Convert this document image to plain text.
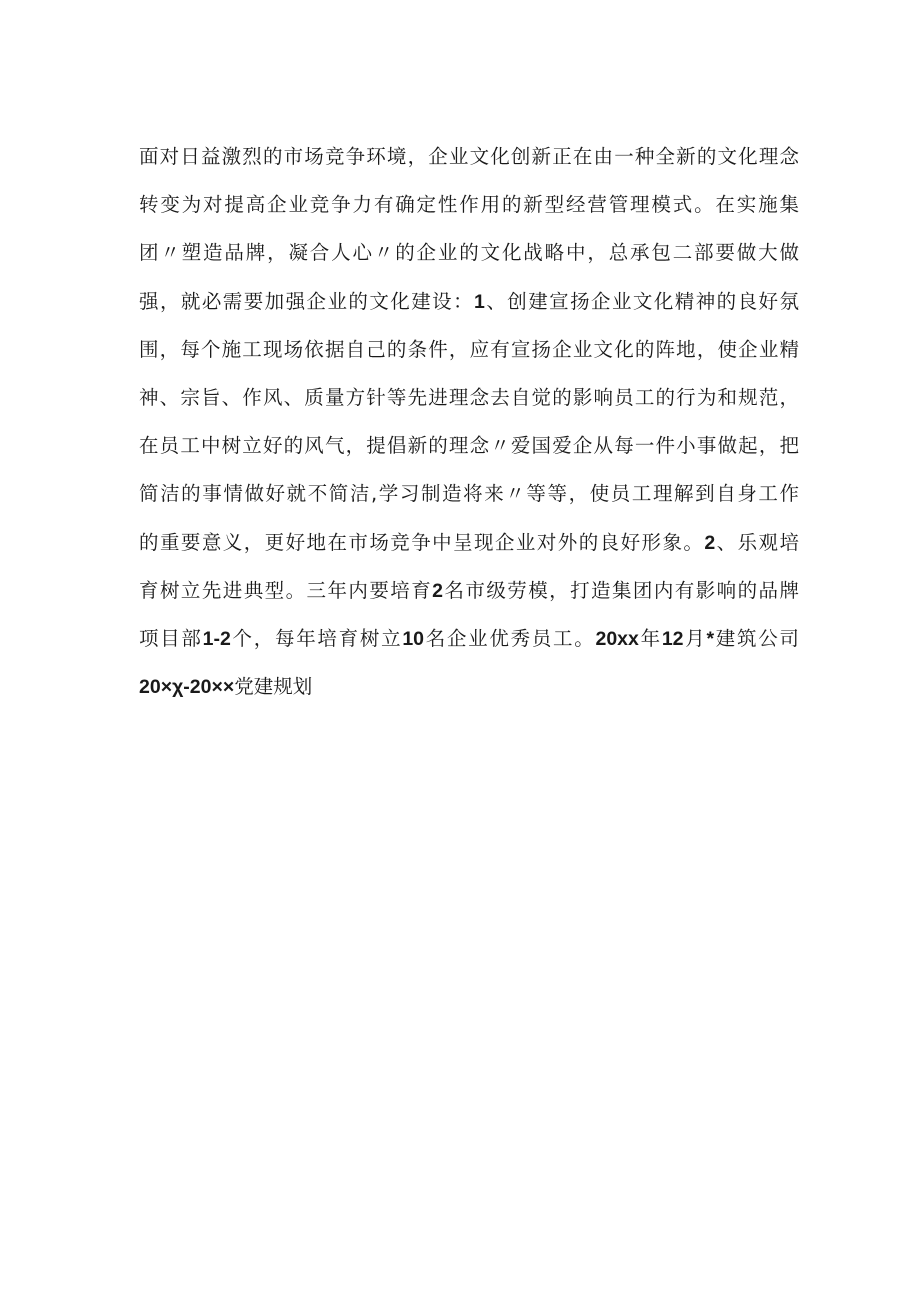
面对日益激烈的市场竞争环境，企业文化创新正在由一种全新的文化理念
转变为对提高企业竞争力有确定性作用的新型经营管理模式。在实施集
团〃塑造品牌，凝合人心〃的企业的文化战略中，总承包二部要做大做
强，就必需要加强企业的文化建设：1、创建宣扬企业文化精神的良好氛
围，每个施工现场依据自己的条件，应有宣扬企业文化的阵地，使企业精
神、宗旨、作风、质量方针等先进理念去自觉的影响员工的行为和规范，
在员工中树立好的风气，提倡新的理念〃爱国爱企从每一件小事做起，把
简洁的事情做好就不简洁,学习制造将来〃等等，使员工理解到自身工作
的重要意义，更好地在市场竞争中呈现企业对外的良好形象。2、乐观培
育树立先进典型。三年内要培育2名市级劳模，打造集团内有影响的品牌
项目部1-2个，每年培育树立10名企业优秀员工。20xx年12月*建筑公司
20×χ-20××党建规划
